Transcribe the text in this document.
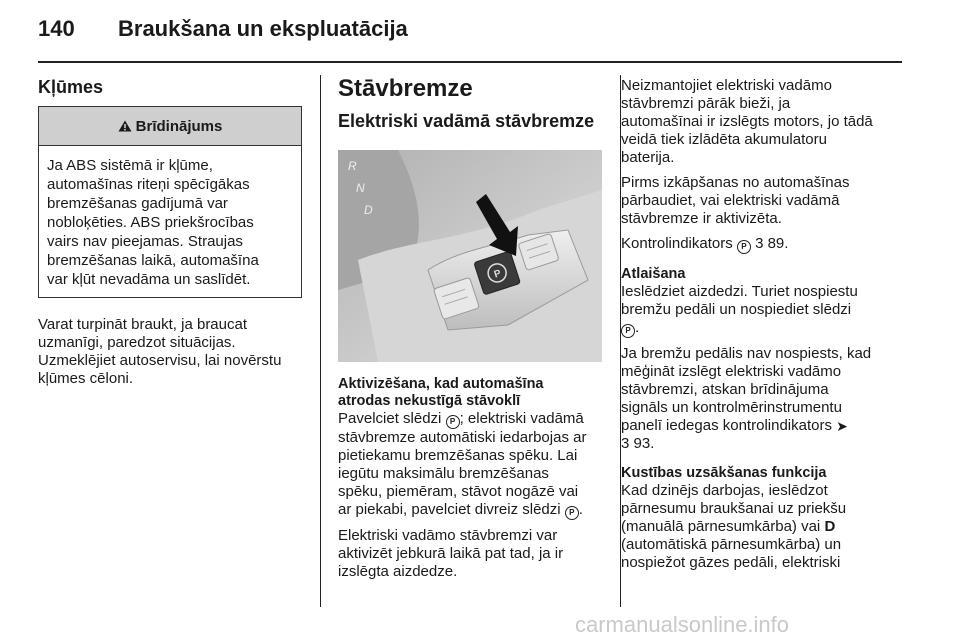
140 Braukšana un ekspluatācija
Kļūmes
Brīdinājums
Ja ABS sistēmā ir kļūme,
automašīnas riteņi spēcīgākas
bremzēšanas gadījumā var
nobloķēties. ABS priekšrocības
vairs nav pieejamas. Straujas
bremzēšanas laikā, automašīna
var kļūt nevadāma un saslīdēt.

Varat turpināt braukt, ja braucat
uzmanīgi, paredzot situācijas.
Uzmeklējiet autoservisu, lai novērstu
kļūmes cēloni.

Stāvbremze
Elektriski vadāmā stāvbremze
P
R
N
D
Aktivizēšana, kad automašīna
atrodas nekustīgā stāvoklī

Pavelciet slēdzi P ; elektriski vadāmā
stāvbremze automātiski iedarbojas ar
pietiekamu bremzēšanas spēku. Lai
iegūtu maksimālu bremzēšanas
spēku, piemēram, stāvot nogāzē vai
ar piekabi, pavelciet divreiz slēdzi P .

Elektriski vadāmo stāvbremzi var
aktivizēt jebkurā laikā pat tad, ja ir
izslēgta aizdedze.

Neizmantojiet elektriski vadāmo
stāvbremzi pārāk bieži, ja
automašīnai ir izslēgts motors, jo tādā
veidā tiek izlādēta akumulatoru
baterija.

Pirms izkāpšanas no automašīnas
pārbaudiet, vai elektriski vadāmā
stāvbremze ir aktivizēta.

Kontrolindikators P 3 89.

Atlaišana

Ieslēdziet aizdedzi. Turiet nospiestu
bremžu pedāli un nospiediet slēdzi
P .

Ja bremžu pedālis nav nospiests, kad
mēģināt izslēgt elektriski vadāmo
stāvbremzi, atskan brīdinājuma
signāls un kontrolmērinstrumentu
panelī iedegas kontrolindikators ➤
3 93.

Kustības uzsākšanas funkcija

Kad dzinējs darbojas, ieslēdzot
pārnesumu braukšanai uz priekšu
(manuālā pārnesumkārba) vai D
(automātiskā pārnesumkārba) un
nospiežot gāzes pedāli, elektriski

carmanualsonline.info
